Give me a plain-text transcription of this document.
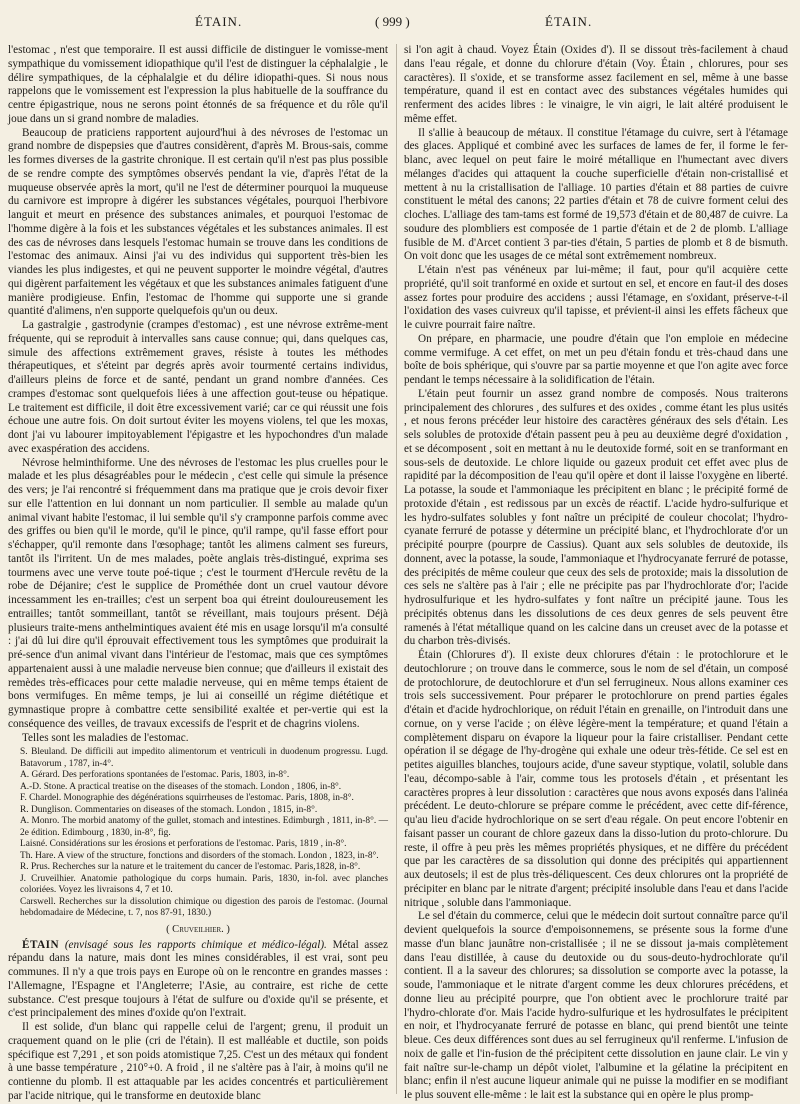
ÉTAIN.	( 999 )	ÉTAIN.

l'estomac , n'est que temporaire. Il est aussi difficile de distinguer le vomisse-ment sympathique du vomissement idiopathique qu'il l'est de distinguer la céphalalgie , le délire sympathiques, de la céphalalgie et du délire idiopathi-ques. Si nous nous rappelons que le vomissement est l'expression la plus habituelle de la souffrance du centre épigastrique, nous ne serons point étonnés de sa fréquence et du rôle qu'il joue dans un si grand nombre de maladies.

Beaucoup de praticiens rapportent aujourd'hui à des névroses de l'estomac un grand nombre de dispepsies que d'autres considèrent, d'après M. Brous-sais, comme les formes diverses de la gastrite chronique. Il est certain qu'il n'est pas plus possible de se rendre compte des symptômes observés pendant la vie, d'après l'état de la muqueuse observée après la mort, qu'il ne l'est de déterminer pourquoi la muqueuse du carnivore est impropre à digérer les substances végétales, pourquoi l'herbivore languit et meurt en présence des substances animales, et pourquoi l'estomac de l'homme digère à la fois et les substances végétales et les substances animales. Il est des cas de névroses dans lesquels l'estomac humain se trouve dans les conditions de l'estomac des animaux. Ainsi j'ai vu des individus qui supportent très-bien les viandes les plus indigestes, et qui ne peuvent supporter le moindre végétal, d'autres qui digèrent parfaitement les végétaux et que les substances animales fatiguent d'une manière prodigieuse. Enfin, l'estomac de l'homme qui supporte une si grande quantité d'alimens, n'en supporte quelquefois qu'un ou deux.

La gastralgie , gastrodynie (crampes d'estomac) , est une névrose extrême-ment fréquente, qui se reproduit à intervalles sans cause connue; qui, dans quelques cas, simule des affections extrêmement graves, résiste à toutes les méthodes thérapeutiques, et s'éteint par degrés après avoir tourmenté certains individus, d'ailleurs pleins de force et de santé, pendant un grand nombre d'années. Ces crampes d'estomac sont quelquefois liées à une affection gout-teuse ou hépatique. Le traitement est difficile, il doit être excessivement varié; car ce qui réussit une fois échoue une autre fois. On doit surtout éviter les moyens violens, tel que les moxas, dont j'ai vu labourer impitoyablement l'épigastre et les hypochondres d'un malade avec exaspération des accidens.

Névrose helminthiforme. Une des névroses de l'estomac les plus cruelles pour le malade et les plus désagréables pour le médecin , c'est celle qui simule la présence des vers; je l'ai rencontré si fréquemment dans ma pratique que je crois devoir fixer sur elle l'attention en lui donnant un nom particulier. Il semble au malade qu'un animal vivant habite l'estomac, il lui semble qu'il s'y cramponne parfois comme avec des griffes ou bien qu'il le morde, qu'il le pince, qu'il rampe, qu'il fasse effort pour s'échapper, qu'il remonte dans l'œsophage; tantôt les alimens calment ses fureurs, tantôt ils l'irritent. Un de mes malades, poète anglais très-distingué, exprima ses tourmens avec une verve toute poé-tique ; c'est le tourment d'Hercule revêtu de la robe de Déjanire; c'est le supplice de Prométhée dont un cruel vautour dévore incessamment les en-trailles; c'est un serpent boa qui étreint douloureusement les entrailles; tantôt sommeillant, tantôt se réveillant, mais toujours présent. Déjà plusieurs traite-mens anthelmintiques avaient été mis en usage lorsqu'il m'a consulté : j'ai dû lui dire qu'il éprouvait effectivement tous les symptômes que produirait la pré-sence d'un animal vivant dans l'intérieur de l'estomac, mais que ces symptômes appartenaient aussi à une maladie nerveuse bien connue; que d'ailleurs il existait des remèdes très-efficaces pour cette maladie nerveuse, qui en même temps étaient de bons vermifuges. En même temps, je lui ai conseillé un régime diététique et gymnastique propre à combattre cette sensibilité exaltée et per-vertie qui est la conséquence des veilles, de travaux excessifs de l'esprit et de chagrins violens.

Telles sont les maladies de l'estomac.

S. Bleuland. De difficili aut impedito alimentorum et ventriculi in duodenum progressu. Lugd. Batavorum , 1787, in-4°.

A. Gérard. Des perforations spontanées de l'estomac. Paris, 1803, in-8°.

A.-D. Stone. A practical treatise on the diseases of the stomach. London , 1806, in-8°.

F. Chardel. Monographie des dégénérations squirrheuses de l'estomac. Paris, 1808, in-8°.

R. Dunglison. Commentaries on diseases of the stomach. London , 1815, in-8°.

A. Monro. The morbid anatomy of the gullet, stomach and intestines. Edimburgh , 1811, in-8°. — 2e édition. Edimbourg , 1830, in-8°, fig.

Laisné. Considérations sur les érosions et perforations de l'estomac. Paris, 1819 , in-8°.

Th. Hare. A view of the structure, fonctions and disorders of the stomach. London , 1823, in-8°.

R. Prus. Recherches sur la nature et le traitement du cancer de l'estomac. Paris,1828, in-8°.

J. Cruveilhier. Anatomie pathologique du corps humain. Paris, 1830, in-fol. avec planches coloriées. Voyez les livraisons 4, 7 et 10.

Carswell. Recherches sur la dissolution chimique ou digestion des parois de l'estomac. (Journal hebdomadaire de Médecine, t. 7, nos 87-91, 1830.)

( Cruveilhier. )

ÉTAIN (envisagé sous les rapports chimique et médico-légal). Métal assez répandu dans la nature, mais dont les mines considérables, il est vrai, sont peu communes. Il n'y a que trois pays en Europe où on le rencontre en grandes masses : l'Allemagne, l'Espagne et l'Angleterre; l'Asie, au contraire, est riche de cette substance. C'est presque toujours à l'état de sulfure ou d'oxide qu'il se présente, et c'est principalement des mines d'oxide qu'on l'extrait.

Il est solide, d'un blanc qui rappelle celui de l'argent; grenu, il produit un craquement quand on le plie (cri de l'étain). Il est malléable et ductile, son poids spécifique est 7,291 , et son poids atomistique 7,25. C'est un des métaux qui fondent à une basse température , 210°+0. A froid , il ne s'altère pas à l'air, à moins qu'il ne contienne du plomb. Il est attaquable par les acides concentrés et particulièrement par l'acide nitrique, qui le transforme en deutoxide blanc

si l'on agit à chaud. Voyez Étain (Oxides d'). Il se dissout très-facilement à chaud dans l'eau régale, et donne du chlorure d'étain (Voy. Étain , chlorures, pour ses caractères). Il s'oxide, et se transforme assez facilement en sel, même à une basse température, quand il est en contact avec des substances végétales humides qui renferment des acides libres : le vinaigre, le vin aigri, le lait altéré produisent le même effet.

Il s'allie à beaucoup de métaux. Il constitue l'étamage du cuivre, sert à l'étamage des glaces. Appliqué et combiné avec les surfaces de lames de fer, il forme le fer-blanc, avec lequel on peut faire le moiré métallique en l'humectant avec divers mélanges d'acides qui attaquent la couche superficielle d'étain non-cristallisé et mettent à nu la cristallisation de l'alliage. 10 parties d'étain et 88 parties de cuivre constituent le métal des canons; 22 parties d'étain et 78 de cuivre forment celui des cloches. L'alliage des tam-tams est formé de 19,573 d'étain et de 80,487 de cuivre. La soudure des plombliers est composée de 1 partie d'étain et de 2 de plomb. L'alliage fusible de M. d'Arcet contient 3 par-ties d'étain, 5 parties de plomb et 8 de bismuth. On voit donc que les usages de ce métal sont extrêmement nombreux.

L'étain n'est pas vénéneux par lui-même; il faut, pour qu'il acquière cette propriété, qu'il soit tranformé en oxide et surtout en sel, et encore en faut-il des doses assez fortes pour produire des accidens ; aussi l'étamage, en s'oxidant, préserve-t-il l'oxidation des vases cuivreux qu'il tapisse, et prévient-il ainsi les effets fâcheux que le cuivre pourrait faire naître.

On prépare, en pharmacie, une poudre d'étain que l'on emploie en médecine comme vermifuge. A cet effet, on met un peu d'étain fondu et très-chaud dans une boîte de bois sphérique, qui s'ouvre par sa partie moyenne et que l'on agite avec force pendant le temps nécessaire à la solidification de l'étain.

L'étain peut fournir un assez grand nombre de composés. Nous traiterons principalement des chlorures , des sulfures et des oxides , comme étant les plus usités , et nous ferons précéder leur histoire des caractères généraux des sels d'étain. Les sels solubles de protoxide d'étain passent peu à peu au deuxième degré d'oxidation , et se décomposent , soit en mettant à nu le deutoxide formé, soit en se tranformant en sous-sels de deutoxide. Le chlore liquide ou gazeux produit cet effet avec plus de rapidité par la décomposition de l'eau qu'il opère et dont il laisse l'oxygène en liberté. La potasse, la soude et l'ammoniaque les précipitent en blanc ; le précipité formé de protoxide d'étain , est redissous par un excès de réactif. L'acide hydro-sulfurique et les hydro-sulfates solubles y font naître un précipité de couleur chocolat; l'hydro-cyanate ferruré de potasse y détermine un précipité blanc, et l'hydrochlorate d'or un précipité pourpre (pourpre de Cassius). Quant aux sels solubles de deutoxide, ils donnent, avec la potasse, la soude, l'ammoniaque et l'hydrocyanate ferruré de potasse, des précipités de même couleur que ceux des sels de protoxide; mais la dissolution de ces sels ne s'altère pas à l'air ; elle ne précipite pas par l'hydrochlorate d'or; l'acide hydrosulfurique et les hydro-sulfates y font naître un précipité jaune. Tous les précipités obtenus dans les dissolutions de ces deux genres de sels peuvent être ramenés à l'état métallique quand on les calcine dans un creuset avec de la potasse et du charbon très-divisés.

Étain (Chlorures d'). Il existe deux chlorures d'étain : le protochlorure et le deutochlorure ; on trouve dans le commerce, sous le nom de sel d'étain, un composé de protochlorure, de deutochlorure et d'un sel ferrugineux. Nous allons examiner ces trois sels successivement. Pour préparer le protochlorure on prend parties égales d'étain et d'acide hydrochlorique, on réduit l'étain en grenaille, on l'introduit dans une cornue, on y verse l'acide ; on élève légère-ment la température; et quand l'étain a complètement disparu on évapore la liqueur pour la faire cristalliser. Pendant cette opération il se dégage de l'hy-drogène qui exhale une odeur très-fétide. Ce sel est en petites aiguilles blanches, toujours acide, d'une saveur styptique, volatil, soluble dans l'eau, décompo-sable à l'air, comme tous les protosels d'étain , et présentant les caractères propres à leur dissolution : caractères que nous avons exposés dans l'alinéa précédent. Le deuto-chlorure se prépare comme le précédent, avec cette dif-férence, qu'au lieu d'acide hydrochlorique on se sert d'eau régale. On peut encore l'obtenir en faisant passer un courant de chlore gazeux dans la disso-lution du proto-chlorure. Du reste, il offre à peu près les mêmes propriétés physiques, et ne diffère du précédent que par les caractères de sa dissolution qui donne des précipités qui appartiennent aux deutosels; il est de plus très-déliquescent. Ces deux chlorures ont la propriété de précipiter en blanc par le nitrate d'argent; précipité insoluble dans l'eau et dans l'acide nitrique , soluble dans l'ammoniaque.

Le sel d'étain du commerce, celui que le médecin doit surtout connaître parce qu'il devient quelquefois la source d'empoisonnemens, se présente sous la forme d'une masse d'un blanc jaunâtre non-cristallisée ; il ne se dissout ja-mais complètement dans l'eau distillée, à cause du deutoxide ou du sous-deuto-hydrochlorate qu'il contient. Il a la saveur des chlorures; sa dissolution se comporte avec la potasse, la soude, l'ammoniaque et le nitrate d'argent comme les deux chlorures précédens, et donne lieu au précipité pourpre, que l'on obtient avec le prochlorure traité par l'hydro-chlorate d'or. Mais l'acide hydro-sulfurique et les hydrosulfates le précipitent en noir, et l'hydrocyanate ferruré de potasse en blanc, qui prend bientôt une teinte bleue. Ces deux différences sont dues au sel ferrugineux qu'il renferme. L'infusion de noix de galle et l'in-fusion de thé précipitent cette dissolution en jaune clair. Le vin y fait naître sur-le-champ un dépôt violet, l'albumine et la gélatine la précipitent en blanc; enfin il n'est aucune liqueur animale qui ne puisse la modifier en se modifiant le plus souvent elle-même : le lait est la substance qui en opère le plus promp-
